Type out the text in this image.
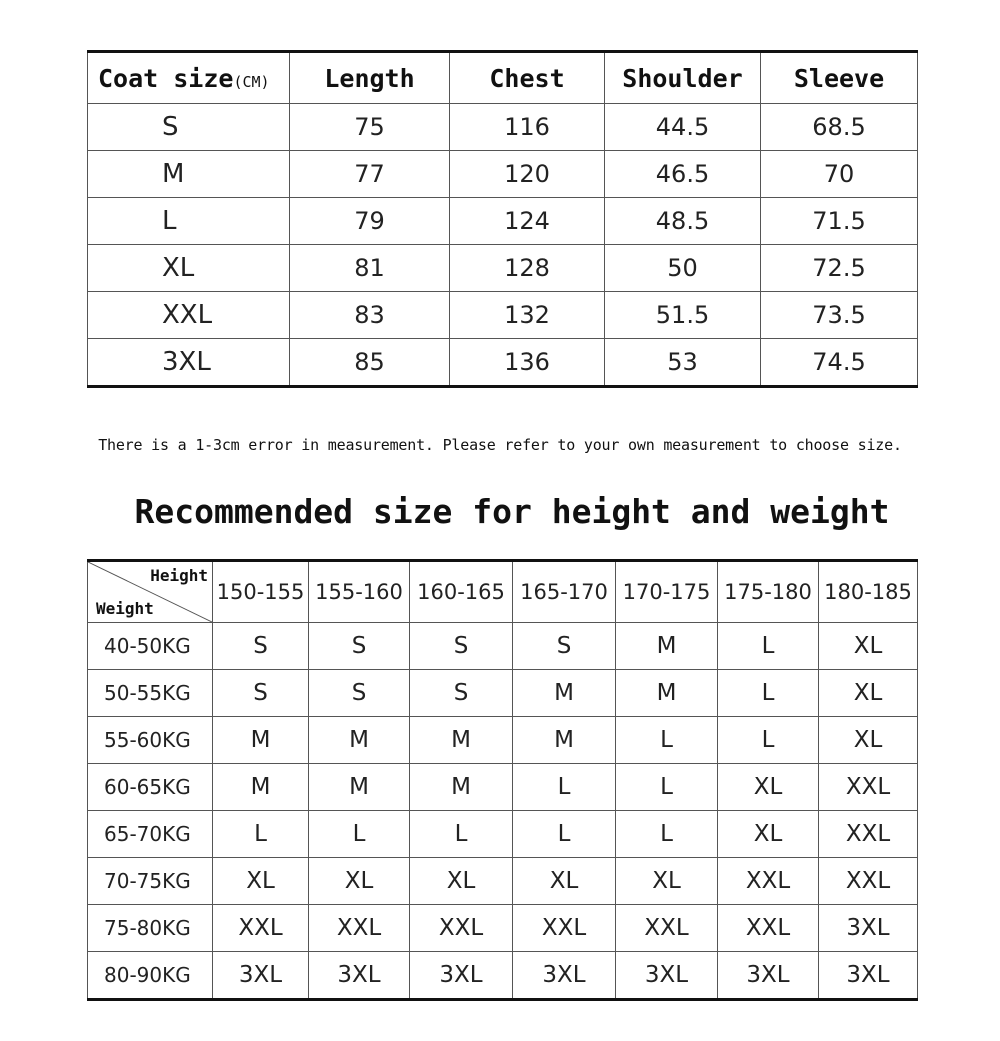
Coat size(CM)	Length	Chest	Shoulder	Sleeve
S	75	116	44.5	68.5
M	77	120	46.5	70
L	79	124	48.5	71.5
XL	81	128	50	72.5
XXL	83	132	51.5	73.5
3XL	85	136	53	74.5
There is a 1-3cm error in measurement. Please refer to your own measurement to choose size.
Recommended size for height and weight
Height
Weight	150-155	155-160	160-165	165-170	170-175	175-180	180-185
40-50KG	S	S	S	S	M	L	XL
50-55KG	S	S	S	M	M	L	XL
55-60KG	M	M	M	M	L	L	XL
60-65KG	M	M	M	L	L	XL	XXL
65-70KG	L	L	L	L	L	XL	XXL
70-75KG	XL	XL	XL	XL	XL	XXL	XXL
75-80KG	XXL	XXL	XXL	XXL	XXL	XXL	3XL
80-90KG	3XL	3XL	3XL	3XL	3XL	3XL	3XL
